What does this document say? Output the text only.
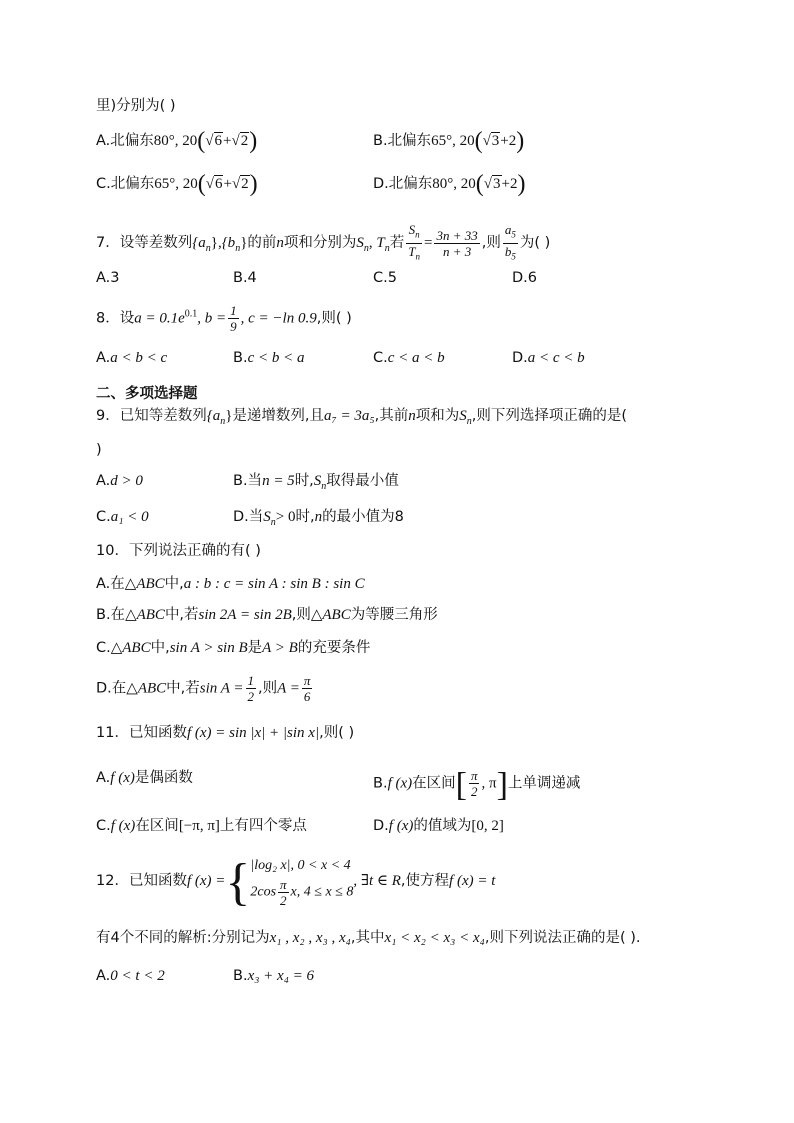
里)分别为( )
A.北偏东80°, 20(√6+√2)	B.北偏东65°, 20(√3+2)
C.北偏东65°, 20(√6+√2)	D.北偏东80°, 20(√3+2)
7．设等差数列$\{a_n\},\{b_n\}$的前n项和分别为$S_n$, $T_n$若 $\frac{S_n}{T_n} = \frac{3n + 33}{n + 3}$ ,则 $\frac{a_5}{b_5}$ 为( )
A.3	B.4	C.5	D.6
8．设$a = 0.1e^{0.1}$, $b = \frac{1}{9}$ , c = −ln 0.9,则( )
A.a < b < c	B.c < b < a	C.c < a < b	D.a < c < b
二、多项选择题
9．已知等差数列$\{a_n\}$是递增数列,且a₇ = 3a₅,其前n项和为$S_n$,则下列选择项正确的是(
)
A.d > 0	B.当n = 5时$,S_n$取得最小值
C.a₁ < 0	D.当$S_n> 0$时,n的最小值为8
10．下列说法正确的有( )
A.在△ABC中,a : b : c = sin A : sin B : sin C
B.在△ABC中,若sin 2A = sin 2B,则△ABC为等腰三角形
C.△ABC中,sin A > sin B是A > B的充要条件
D.在△ABC中,若$\sin A = \frac{1}{2}$ ,则$A = \frac{\pi}{6}$
11．已知函数f (x) = sin |x| + |sin x|,则( )
A.f (x)是偶函数	B.f (x)在区间[ $\frac{\pi}{2}$ , π]上单调递减
C.f (x)在区间[−π, π]上有四个零点	D.f (x)的值域为[0, 2]
12．已知函数f (x) ={ |log₂ x|, 0 < x < 4
$2\cos \frac{\pi}{2} x$, 4 ≤ x ≤ 8
, ∃t ∈ R,使方程f (x) = t
有4个不同的解析:分别记为x₁ , x₂ , x₃ , x₄,其中x₁ < x₂ < x₃ < x₄,则下列说法正确的是( ).
A.0 < t < 2	B.x₃ + x₄ = 6
